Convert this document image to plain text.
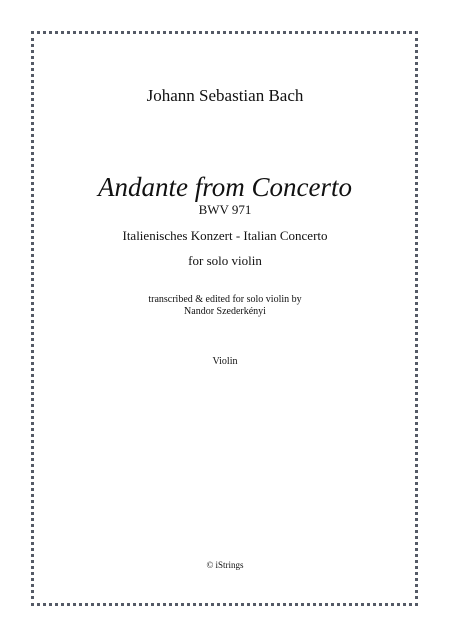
Johann Sebastian Bach
Andante from Concerto
BWV 971
Italienisches Konzert - Italian Concerto
for solo violin
transcribed & edited for solo violin by
Nandor Szederkényi
Violin
© iStrings
